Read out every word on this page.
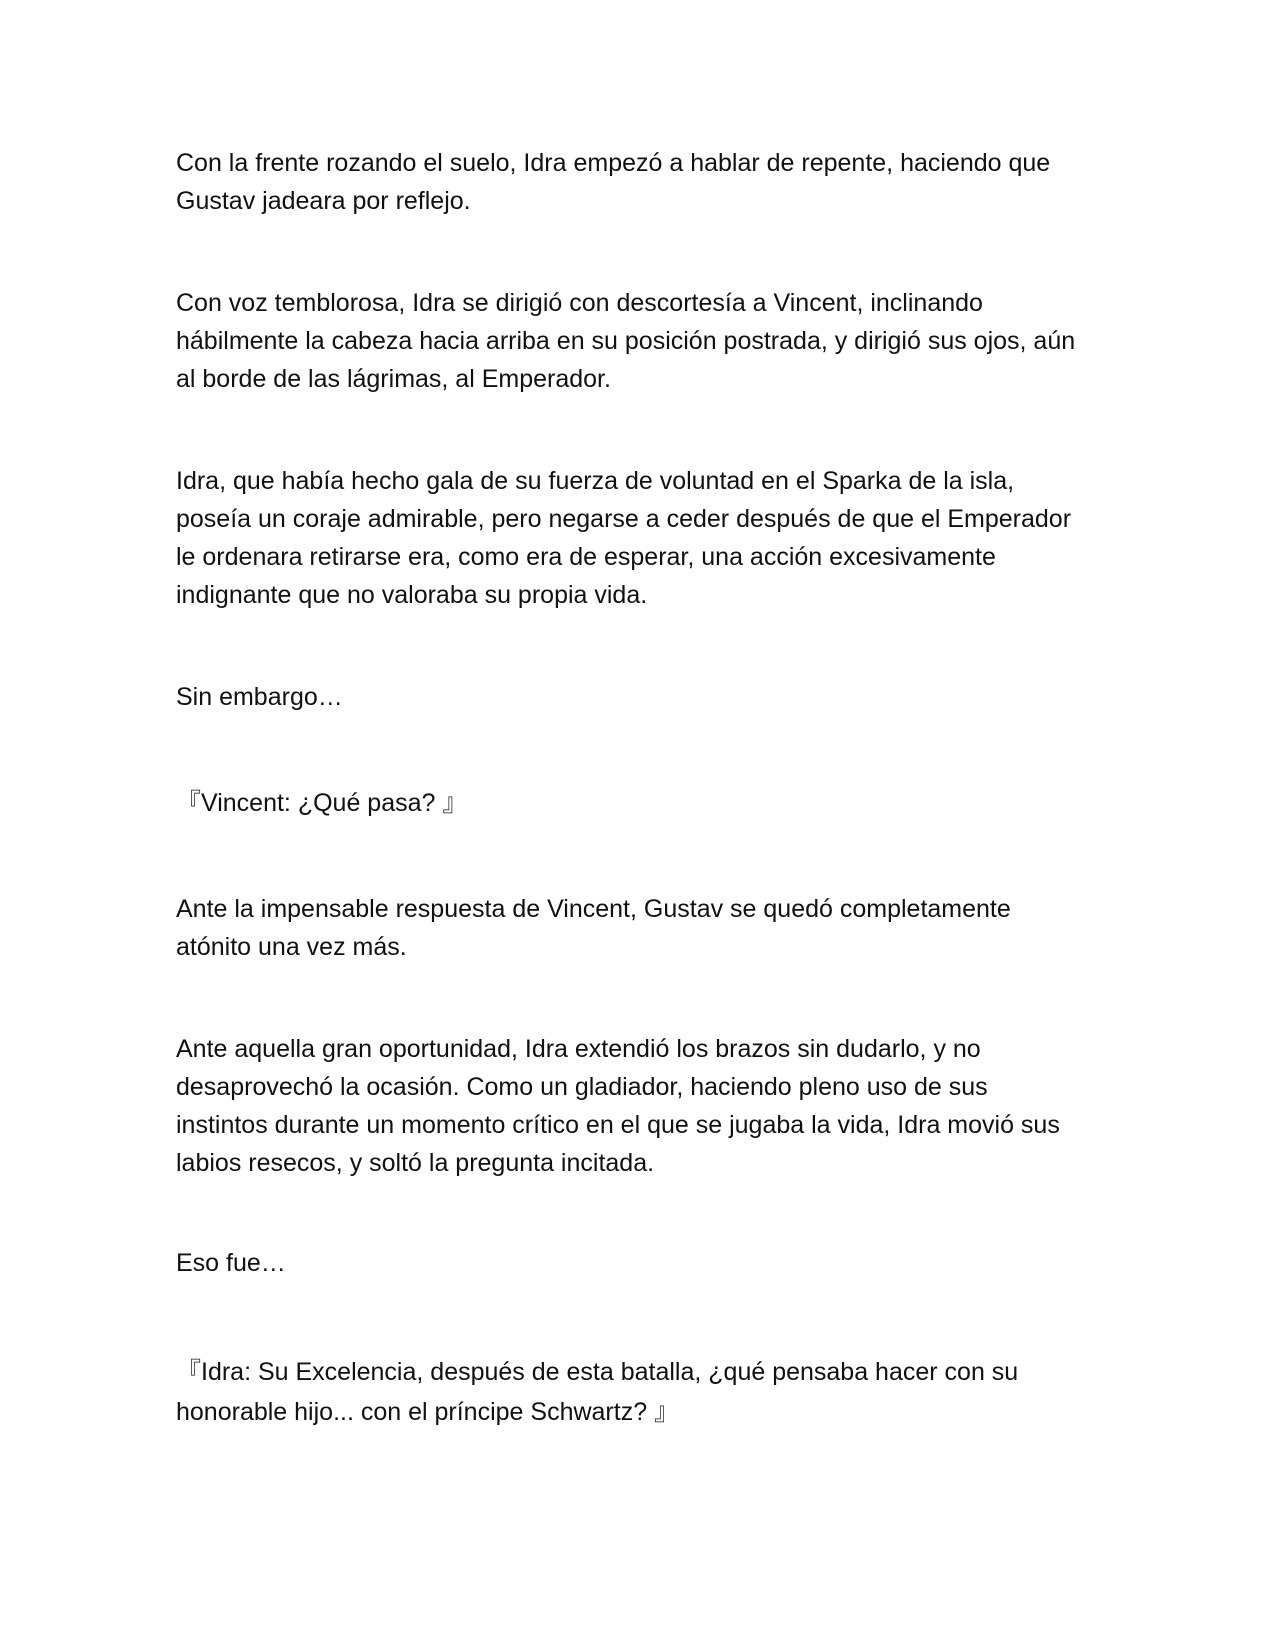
Con la frente rozando el suelo, Idra empezó a hablar de repente, haciendo que Gustav jadeara por reflejo.

Con voz temblorosa, Idra se dirigió con descortesía a Vincent, inclinando hábilmente la cabeza hacia arriba en su posición postrada, y dirigió sus ojos, aún al borde de las lágrimas, al Emperador.

Idra, que había hecho gala de su fuerza de voluntad en el Sparka de la isla, poseía un coraje admirable, pero negarse a ceder después de que el Emperador le ordenara retirarse era, como era de esperar, una acción excesivamente indignante que no valoraba su propia vida.

Sin embargo…

『Vincent: ¿Qué pasa? 』

Ante la impensable respuesta de Vincent, Gustav se quedó completamente atónito una vez más.

Ante aquella gran oportunidad, Idra extendió los brazos sin dudarlo, y no desaprovechó la ocasión. Como un gladiador, haciendo pleno uso de sus instintos durante un momento crítico en el que se jugaba la vida, Idra movió sus labios resecos, y soltó la pregunta incitada.

Eso fue…

『Idra: Su Excelencia, después de esta batalla, ¿qué pensaba hacer con su honorable hijo... con el príncipe Schwartz? 』
